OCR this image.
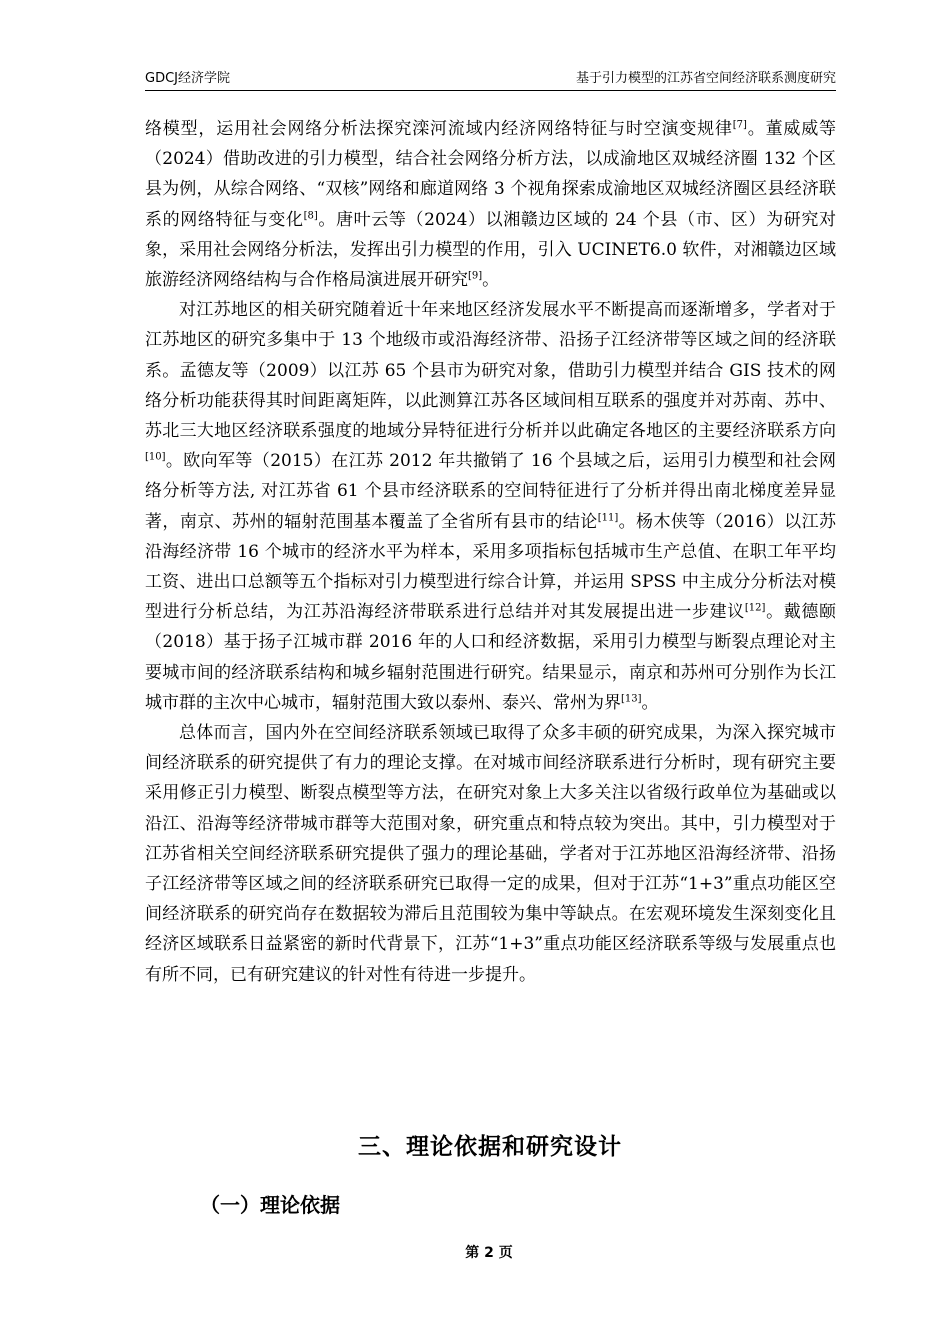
GDCJ经济学院	基于引力模型的江苏省空间经济联系测度研究

络模型，运用社会网络分析法探究滦河流域内经济网络特征与时空演变规律[7]。董威威等（2024）借助改进的引力模型，结合社会网络分析方法，以成渝地区双城经济圈 132 个区县为例，从综合网络、“双核”网络和廊道网络 3 个视角探索成渝地区双城经济圈区县经济联系的网络特征与变化[8]。唐叶云等（2024）以湘赣边区域的 24 个县（市、区）为研究对象，采用社会网络分析法，发挥出引力模型的作用，引入 UCINET6.0 软件，对湘赣边区域旅游经济网络结构与合作格局演进展开研究[9]。

对江苏地区的相关研究随着近十年来地区经济发展水平不断提高而逐渐增多，学者对于江苏地区的研究多集中于 13 个地级市或沿海经济带、沿扬子江经济带等区域之间的经济联系。孟德友等（2009）以江苏 65 个县市为研究对象，借助引力模型并结合 GIS 技术的网络分析功能获得其时间距离矩阵，以此测算江苏各区域间相互联系的强度并对苏南、苏中、苏北三大地区经济联系强度的地域分异特征进行分析并以此确定各地区的主要经济联系方向[10]。欧向军等（2015）在江苏 2012 年共撤销了 16 个县域之后，运用引力模型和社会网络分析等方法, 对江苏省 61 个县市经济联系的空间特征进行了分析并得出南北梯度差异显著，南京、苏州的辐射范围基本覆盖了全省所有县市的结论[11]。杨木侠等（2016）以江苏沿海经济带 16 个城市的经济水平为样本，采用多项指标包括城市生产总值、在职工年平均工资、进出口总额等五个指标对引力模型进行综合计算，并运用 SPSS 中主成分分析法对模型进行分析总结，为江苏沿海经济带联系进行总结并对其发展提出进一步建议[12]。戴德颐（2018）基于扬子江城市群 2016 年的人口和经济数据，采用引力模型与断裂点理论对主要城市间的经济联系结构和城乡辐射范围进行研究。结果显示，南京和苏州可分别作为长江城市群的主次中心城市，辐射范围大致以泰州、泰兴、常州为界[13]。

总体而言，国内外在空间经济联系领域已取得了众多丰硕的研究成果，为深入探究城市间经济联系的研究提供了有力的理论支撑。在对城市间经济联系进行分析时，现有研究主要采用修正引力模型、断裂点模型等方法，在研究对象上大多关注以省级行政单位为基础或以沿江、沿海等经济带城市群等大范围对象，研究重点和特点较为突出。其中，引力模型对于江苏省相关空间经济联系研究提供了强力的理论基础，学者对于江苏地区沿海经济带、沿扬子江经济带等区域之间的经济联系研究已取得一定的成果，但对于江苏“1+3”重点功能区空间经济联系的研究尚存在数据较为滞后且范围较为集中等缺点。在宏观环境发生深刻变化且经济区域联系日益紧密的新时代背景下，江苏“1+3”重点功能区经济联系等级与发展重点也有所不同，已有研究建议的针对性有待进一步提升。

三、理论依据和研究设计
（一）理论依据
第 2 页
